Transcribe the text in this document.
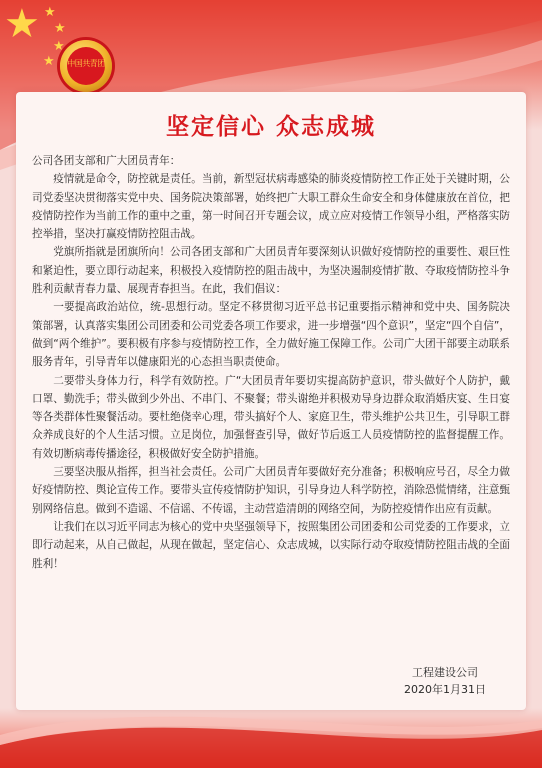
★ ★
★
★
★ 中国共青团
坚定信心 众志成城

公司各团支部和广大团员青年：

疫情就是命令，防控就是责任。当前，新型冠状病毒感染的肺炎疫情防控工作正处于关键时期，公司党委坚决贯彻落实党中央、国务院决策部署，始终把广大职工群众生命安全和身体健康放在首位，把疫情防控作为当前工作的重中之重，第一时间召开专题会议，成立应对疫情工作领导小组，严格落实防控举措，坚决打赢疫情防控阻击战。

党旗所指就是团旗所向！公司各团支部和广大团员青年要深刻认识做好疫情防控的重要性、艰巨性和紧迫性，要立即行动起来，积极投入疫情防控的阻击战中，为坚决遏制疫情扩散、夺取疫情防控斗争胜利贡献青春力量、展现青春担当。在此，我们倡议：

一要提高政治站位，统-思想行动。坚定不移贯彻习近平总书记重要指示精神和党中央、国务院决策部署，认真落实集团公司团委和公司党委各项工作要求，进一步增强“四个意识”，坚定“四个自信”，做到“两个维护”。要积极有序参与疫情防控工作，全力做好施工保障工作。公司广大团干部要主动联系服务青年，引导青年以健康阳光的心态担当职责使命。

二要带头身体力行，科学有效防控。广“大团员青年要切实提高防护意识，带头做好个人防护，戴口罩、勤洗手；带头做到少外出、不串门、不聚餐；带头谢绝并积极劝导身边群众取消婚庆宴、生日宴等各类群体性聚餐活动。要杜绝侥幸心理，带头搞好个人、家庭卫生，带头维护公共卫生，引导职工群众养成良好的个人生活习惯。立足岗位，加强督查引导，做好节后返工人员疫情防控的监督提醒工作。有效切断病毒传播途径，积极做好安全防护措施。

三要坚决服从指挥，担当社会责任。公司广大团员青年要做好充分准备；积极响应号召，尽全力做好疫情防控、舆论宣传工作。要带头宣传疫情防护知识，引导身边人科学防控，消除恐慌情绪，注意甄别网络信息。做到不造谣、不信谣、不传谣，主动营造清朗的网络空间，为防控疫情作出应有贡献。

让我们在以习近平同志为核心的党中央坚强领导下，按照集团公司团委和公司党委的工作要求，立即行动起来，从自己做起，从现在做起，坚定信心、众志成城，以实际行动夺取疫情防控阻击战的全面胜利！

工程建设公司
2020年1月31日
